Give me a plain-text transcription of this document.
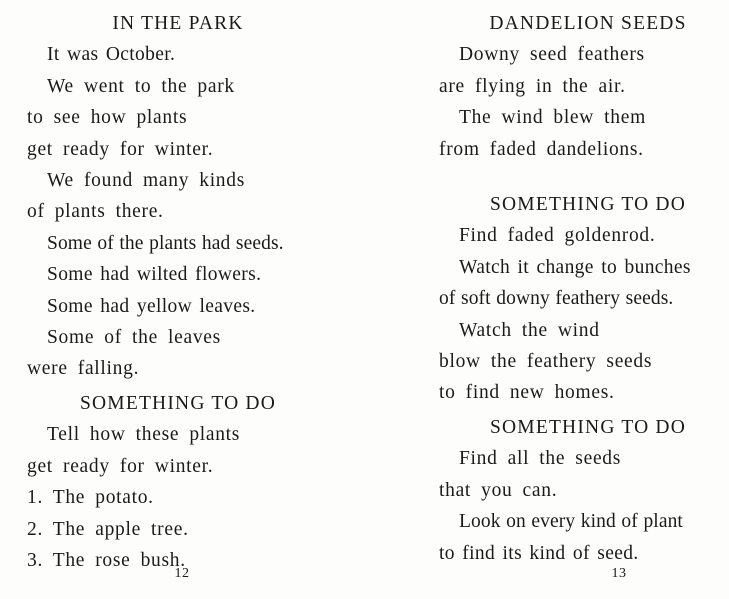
IN THE PARK
It was October.
We went to the park
to see how plants
get ready for winter.
We found many kinds
of plants there.
Some of the plants had seeds.
Some had wilted flowers.
Some had yellow leaves.
Some of the leaves
were falling.
SOMETHING TO DO
Tell how these plants
get ready for winter.
1. The potato.
2. The apple tree.
3. The rose bush.
12
DANDELION SEEDS
Downy seed feathers
are flying in the air.
The wind blew them
from faded dandelions.
SOMETHING TO DO
Find faded goldenrod.
Watch it change to bunches
of soft downy feathery seeds.
Watch the wind
blow the feathery seeds
to find new homes.
SOMETHING TO DO
Find all the seeds
that you can.
Look on every kind of plant
to find its kind of seed.
13
